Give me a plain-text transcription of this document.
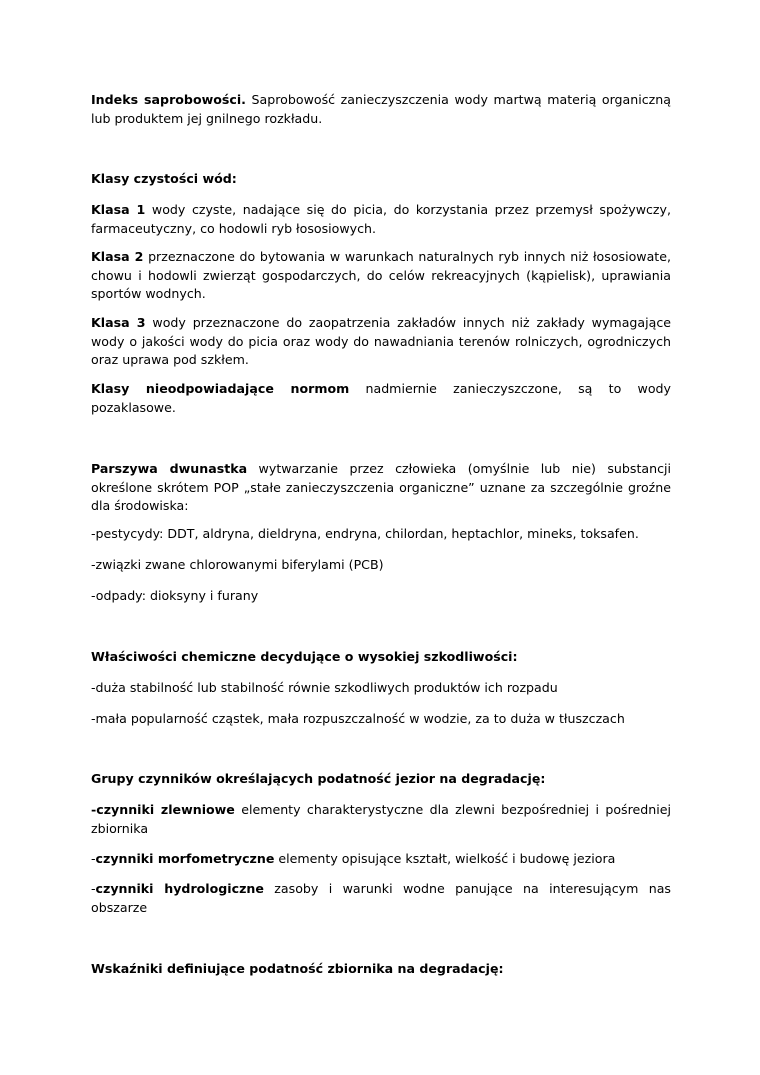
Indeks saprobowości. Saprobowość zanieczyszczenia wody martwą materią organiczną lub produktem jej gnilnego rozkładu.

Klasy czystości wód:

Klasa 1 wody czyste, nadające się do picia, do korzystania przez przemysł spożywczy, farmaceutyczny, co hodowli ryb łososiowych.

Klasa 2 przeznaczone do bytowania w warunkach naturalnych ryb innych niż łososiowate, chowu i hodowli zwierząt gospodarczych, do celów rekreacyjnych (kąpielisk), uprawiania sportów wodnych.

Klasa 3 wody przeznaczone do zaopatrzenia zakładów innych niż zakłady wymagające wody o jakości wody do picia oraz wody do nawadniania terenów rolniczych, ogrodniczych oraz uprawa pod szkłem.

Klasy nieodpowiadające normom nadmiernie zanieczyszczone, są to wody pozaklasowe.

Parszywa dwunastka wytwarzanie przez człowieka (omyślnie lub nie) substancji określone skrótem POP „stałe zanieczyszczenia organiczne” uznane za szczególnie groźne dla środowiska:

-pestycydy: DDT, aldryna, dieldryna, endryna, chilordan, heptachlor, mineks, toksafen.

-związki zwane chlorowanymi biferylami (PCB)

-odpady: dioksyny i furany

Właściwości chemiczne decydujące o wysokiej szkodliwości:

-duża stabilność lub stabilność równie szkodliwych produktów ich rozpadu

-mała popularność cząstek, mała rozpuszczalność w wodzie, za to duża w tłuszczach

Grupy czynników określających podatność jezior na degradację:

-czynniki zlewniowe elementy charakterystyczne dla zlewni bezpośredniej i pośredniej zbiornika

-czynniki morfometryczne elementy opisujące kształt, wielkość i budowę jeziora

-czynniki hydrologiczne zasoby i warunki wodne panujące na interesującym nas obszarze

Wskaźniki definiujące podatność zbiornika na degradację:
